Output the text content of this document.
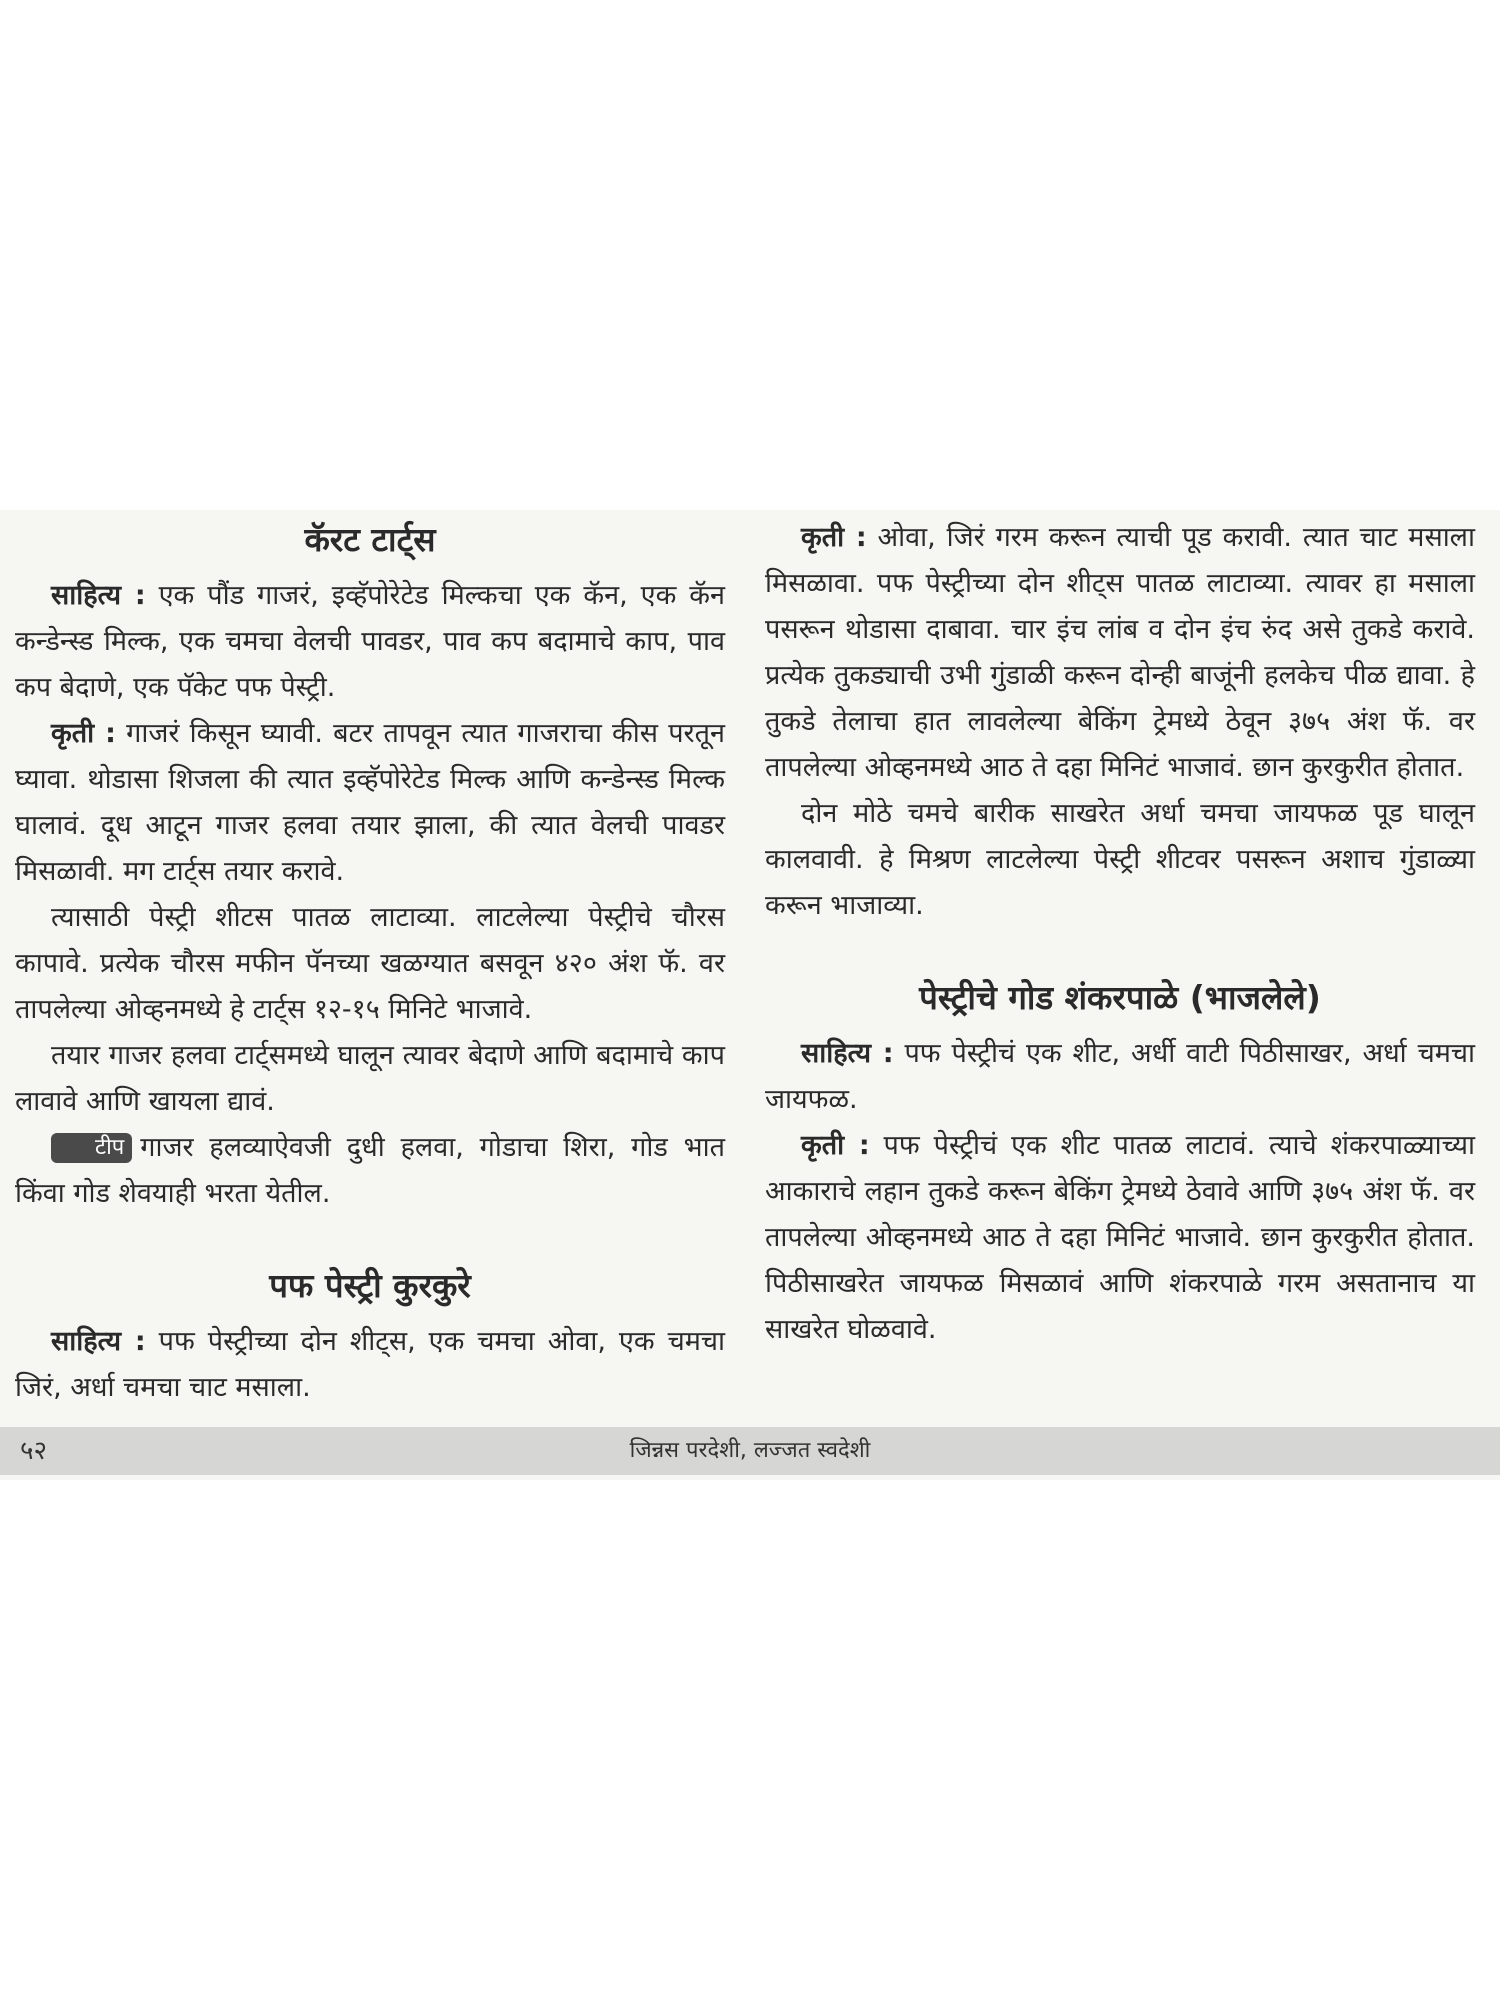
कॅरट टार्ट्स

साहित्य : एक पौंड गाजरं, इव्हॅपोरेटेड मिल्कचा एक कॅन, एक कॅन कन्डेन्स्ड मिल्क, एक चमचा वेलची पावडर, पाव कप बदामाचे काप, पाव कप बेदाणे, एक पॅकेट पफ पेस्ट्री.

कृती : गाजरं किसून घ्यावी. बटर तापवून त्यात गाजराचा कीस परतून घ्यावा. थोडासा शिजला की त्यात इव्हॅपोरेटेड मिल्क आणि कन्डेन्स्ड मिल्क घालावं. दूध आटून गाजर हलवा तयार झाला, की त्यात वेलची पावडर मिसळावी. मग टार्ट्स तयार करावे.

त्यासाठी पेस्ट्री शीटस पातळ लाटाव्या. लाटलेल्या पेस्ट्रीचे चौरस कापावे. प्रत्येक चौरस मफीन पॅनच्या खळग्यात बसवून ४२० अंश फॅ. वर तापलेल्या ओव्हनमध्ये हे टार्ट्स १२-१५ मिनिटे भाजावे.

तयार गाजर हलवा टार्ट्समध्ये घालून त्यावर बेदाणे आणि बदामाचे काप लावावे आणि खायला द्यावं.

टीप गाजर हलव्याऐवजी दुधी हलवा, गोडाचा शिरा, गोड भात किंवा गोड शेवयाही भरता येतील.

पफ पेस्ट्री कुरकुरे

साहित्य : पफ पेस्ट्रीच्या दोन शीट्स, एक चमचा ओवा, एक चमचा जिरं, अर्धा चमचा चाट मसाला.

कृती : ओवा, जिरं गरम करून त्याची पूड करावी. त्यात चाट मसाला मिसळावा. पफ पेस्ट्रीच्या दोन शीट्स पातळ लाटाव्या. त्यावर हा मसाला पसरून थोडासा दाबावा. चार इंच लांब व दोन इंच रुंद असे तुकडे करावे. प्रत्येक तुकड्याची उभी गुंडाळी करून दोन्ही बाजूंनी हलकेच पीळ द्यावा. हे तुकडे तेलाचा हात लावलेल्या बेकिंग ट्रेमध्ये ठेवून ३७५ अंश फॅ. वर तापलेल्या ओव्हनमध्ये आठ ते दहा मिनिटं भाजावं. छान कुरकुरीत होतात.

दोन मोठे चमचे बारीक साखरेत अर्धा चमचा जायफळ पूड घालून कालवावी. हे मिश्रण लाटलेल्या पेस्ट्री शीटवर पसरून अशाच गुंडाळ्या करून भाजाव्या.

पेस्ट्रीचे गोड शंकरपाळे (भाजलेले)

साहित्य : पफ पेस्ट्रीचं एक शीट, अर्धी वाटी पिठीसाखर, अर्धा चमचा जायफळ.

कृती : पफ पेस्ट्रीचं एक शीट पातळ लाटावं. त्याचे शंकरपाळ्याच्या आकाराचे लहान तुकडे करून बेकिंग ट्रेमध्ये ठेवावे आणि ३७५ अंश फॅ. वर तापलेल्या ओव्हनमध्ये आठ ते दहा मिनिटं भाजावे. छान कुरकुरीत होतात. पिठीसाखरेत जायफळ मिसळावं आणि शंकरपाळे गरम असतानाच या साखरेत घोळवावे.

५२	जिन्नस परदेशी, लज्जत स्वदेशी
